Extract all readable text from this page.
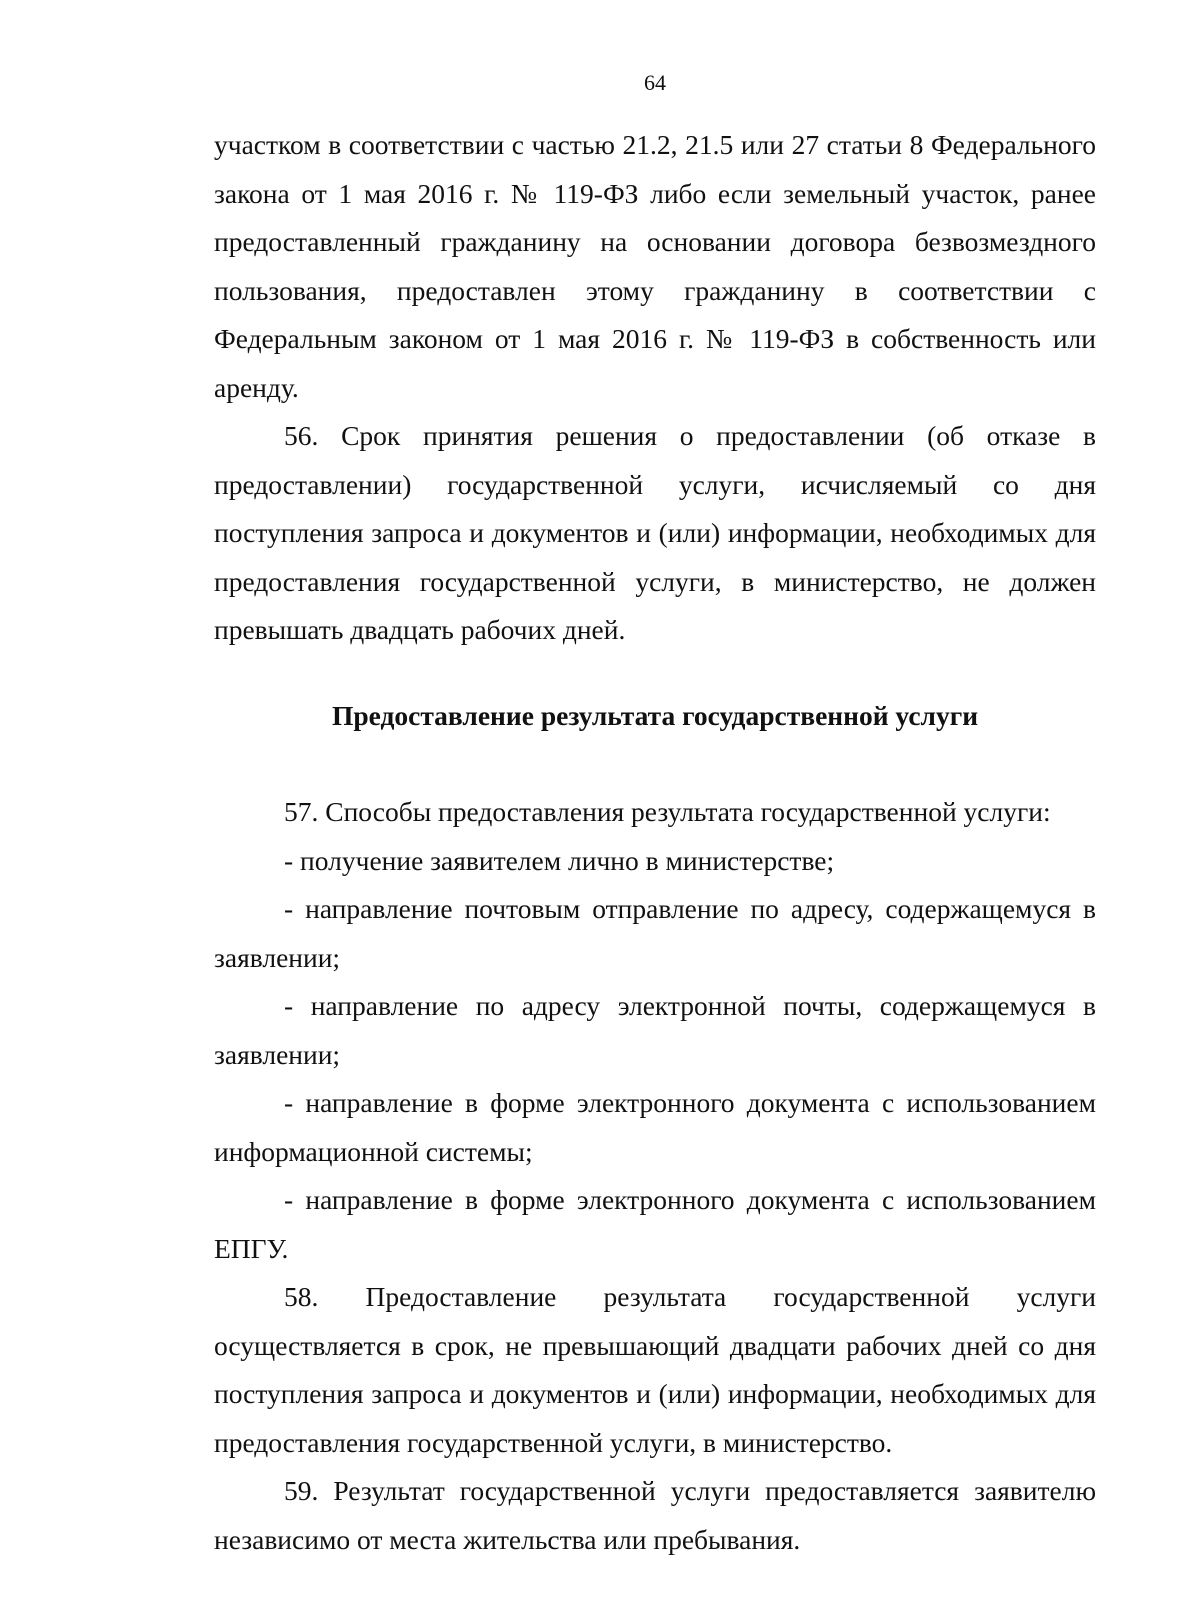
64

участком в соответствии с частью 21.2, 21.5 или 27 статьи 8 Федерального закона от 1 мая 2016 г. № 119-ФЗ либо если земельный участок, ранее предоставленный гражданину на основании договора безвозмездного пользования, предоставлен этому гражданину в соответствии с Федеральным законом от 1 мая 2016 г. № 119-ФЗ в собственность или аренду.

56. Срок принятия решения о предоставлении (об отказе в предоставлении) государственной услуги, исчисляемый со дня поступления запроса и документов и (или) информации, необходимых для предоставления государственной услуги, в министерство, не должен превышать двадцать рабочих дней.

Предоставление результата государственной услуги

57. Способы предоставления результата государственной услуги:

- получение заявителем лично в министерстве;

- направление почтовым отправление по адресу, содержащемуся в заявлении;

- направление по адресу электронной почты, содержащемуся в заявлении;

- направление в форме электронного документа с использованием информационной системы;

- направление в форме электронного документа с использованием ЕПГУ.

58. Предоставление результата государственной услуги осуществляется в срок, не превышающий двадцати рабочих дней со дня поступления запроса и документов и (или) информации, необходимых для предоставления государственной услуги, в министерство.

59. Результат государственной услуги предоставляется заявителю независимо от места жительства или пребывания.
